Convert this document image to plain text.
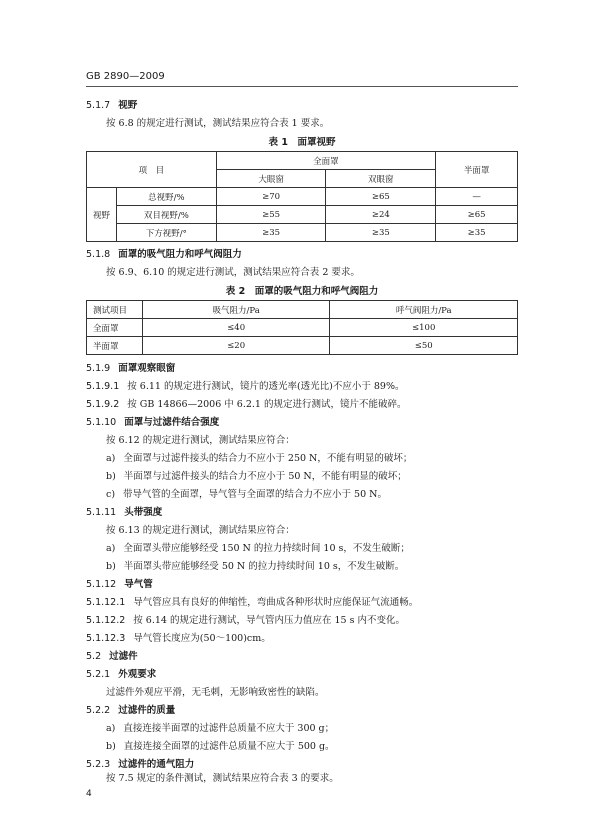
GB 2890—2009
5.1.7 视野
按 6.8 的规定进行测试，测试结果应符合表 1 要求。
表 1　面罩视野
项　目		全面罩		半面罩
		大眼窗	双眼窗	
视野	总视野/%	≥70	≥65	—
	双目视野/%	≥55	≥24	≥65
	下方视野/°	≥35	≥35	≥35
5.1.8 面罩的吸气阻力和呼气阀阻力
按 6.9、6.10 的规定进行测试，测试结果应符合表 2 要求。
表 2　面罩的吸气阻力和呼气阀阻力
测试项目	吸气阻力/Pa	呼气阀阻力/Pa
全面罩	≤40	≤100
半面罩	≤20	≤50
5.1.9 面罩观察眼窗
5.1.9.1 按 6.11 的规定进行测试，镜片的透光率(透光比)不应小于 89%。
5.1.9.2 按 GB 14866—2006 中 6.2.1 的规定进行测试，镜片不能破碎。
5.1.10 面罩与过滤件结合强度
按 6.12 的规定进行测试，测试结果应符合：
a) 全面罩与过滤件接头的结合力不应小于 250 N，不能有明显的破坏；
b) 半面罩与过滤件接头的结合力不应小于 50 N，不能有明显的破坏；
c) 带导气管的全面罩，导气管与全面罩的结合力不应小于 50 N。
5.1.11 头带强度
按 6.13 的规定进行测试，测试结果应符合：
a) 全面罩头带应能够经受 150 N 的拉力持续时间 10 s，不发生破断；
b) 半面罩头带应能够经受 50 N 的拉力持续时间 10 s，不发生破断。
5.1.12 导气管
5.1.12.1 导气管应具有良好的伸缩性，弯曲成各种形状时应能保证气流通畅。
5.1.12.2 按 6.14 的规定进行测试，导气管内压力值应在 15 s 内不变化。
5.1.12.3 导气管长度应为(50～100)cm。
5.2 过滤件
5.2.1 外观要求
过滤件外观应平滑，无毛刺，无影响致密性的缺陷。
5.2.2 过滤件的质量
a) 直接连接半面罩的过滤件总质量不应大于 300 g；
b) 直接连接全面罩的过滤件总质量不应大于 500 g。
5.2.3 过滤件的通气阻力
按 7.5 规定的条件测试，测试结果应符合表 3 的要求。
4
